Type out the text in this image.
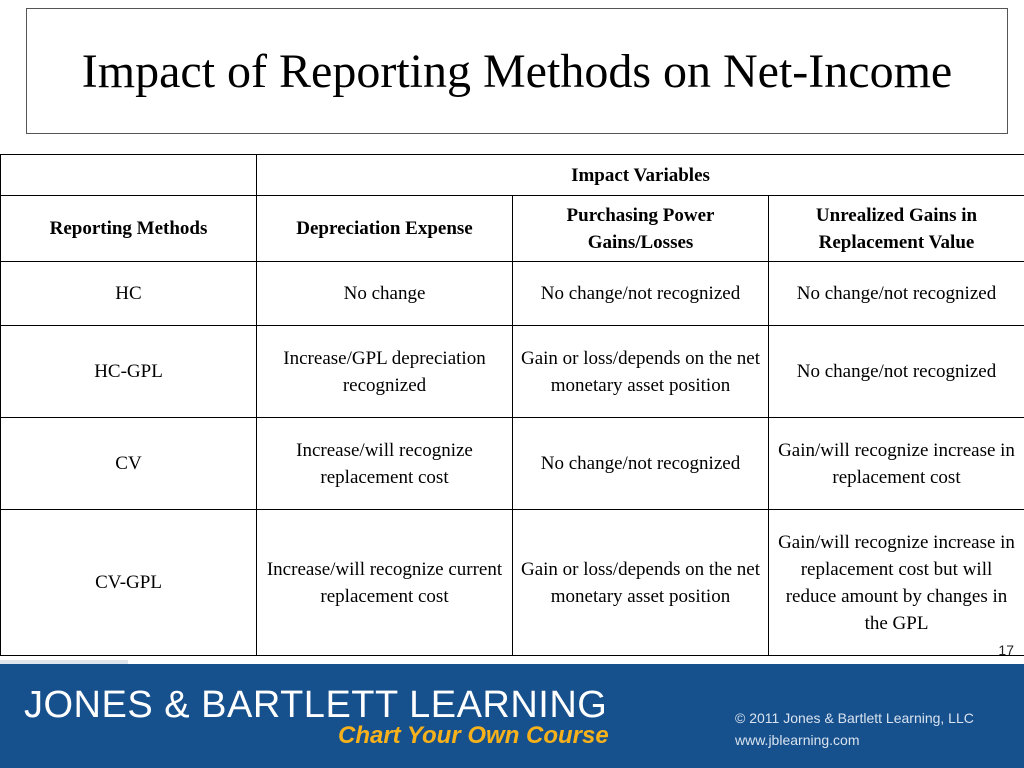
Impact of Reporting Methods on Net-Income
	Impact Variables		
Reporting Methods	Depreciation Expense	Purchasing Power Gains/Losses	Unrealized Gains in Replacement Value
HC	No change	No change/not recognized	No change/not recognized
HC-GPL	Increase/GPL depreciation recognized	Gain or loss/depends on the net monetary asset position	No change/not recognized
CV	Increase/will recognize replacement cost	No change/not recognized	Gain/will recognize increase in replacement cost
CV-GPL	Increase/will recognize current replacement cost	Gain or loss/depends on the net monetary asset position	Gain/will recognize increase in replacement cost but will reduce amount by changes in the GPL
17
JONES & BARTLETT LEARNING
Chart Your Own Course
© 2011 Jones & Bartlett Learning, LLC
www.jblearning.com
